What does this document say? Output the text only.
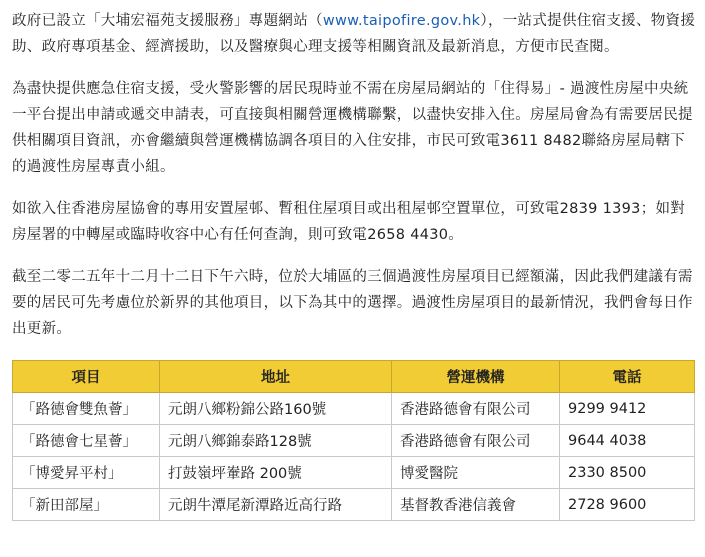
政府已設立「大埔宏福苑支援服務」專題網站（www.taipofire.gov.hk），一站式提供住宿支援、物資援助、政府專項基金、經濟援助，以及醫療與心理支援等相關資訊及最新消息，方便市民查閱。

為盡快提供應急住宿支援，受火警影響的居民現時並不需在房屋局網站的「住得易」- 過渡性房屋中央統一平台提出申請或遞交申請表，可直接與相關營運機構聯繫，以盡快安排入住。房屋局會為有需要居民提供相關項目資訊，亦會繼續與營運機構協調各項目的入住安排，市民可致電3611 8482聯絡房屋局轄下的過渡性房屋專責小組。

如欲入住香港房屋協會的專用安置屋邨、暫租住屋項目或出租屋邨空置單位，可致電2839 1393；如對房屋署的中轉屋或臨時收容中心有任何查詢，則可致電2658 4430。

截至二零二五年十二月十二日下午六時，位於大埔區的三個過渡性房屋項目已經額滿，因此我們建議有需要的居民可先考慮位於新界的其他項目，以下為其中的選擇。過渡性房屋項目的最新情況，我們會每日作出更新。

項目	地址	營運機構	電話
「路德會雙魚薈」	元朗八鄉粉錦公路160號	香港路德會有限公司	9299 9412
「路德會七星薈」	元朗八鄉錦泰路128號	香港路德會有限公司	9644 4038
「博愛昇平村」	打鼓嶺坪輋路 200號	博愛醫院	2330 8500
「新田部屋」	元朗牛潭尾新潭路近高行路	基督教香港信義會	2728 9600
